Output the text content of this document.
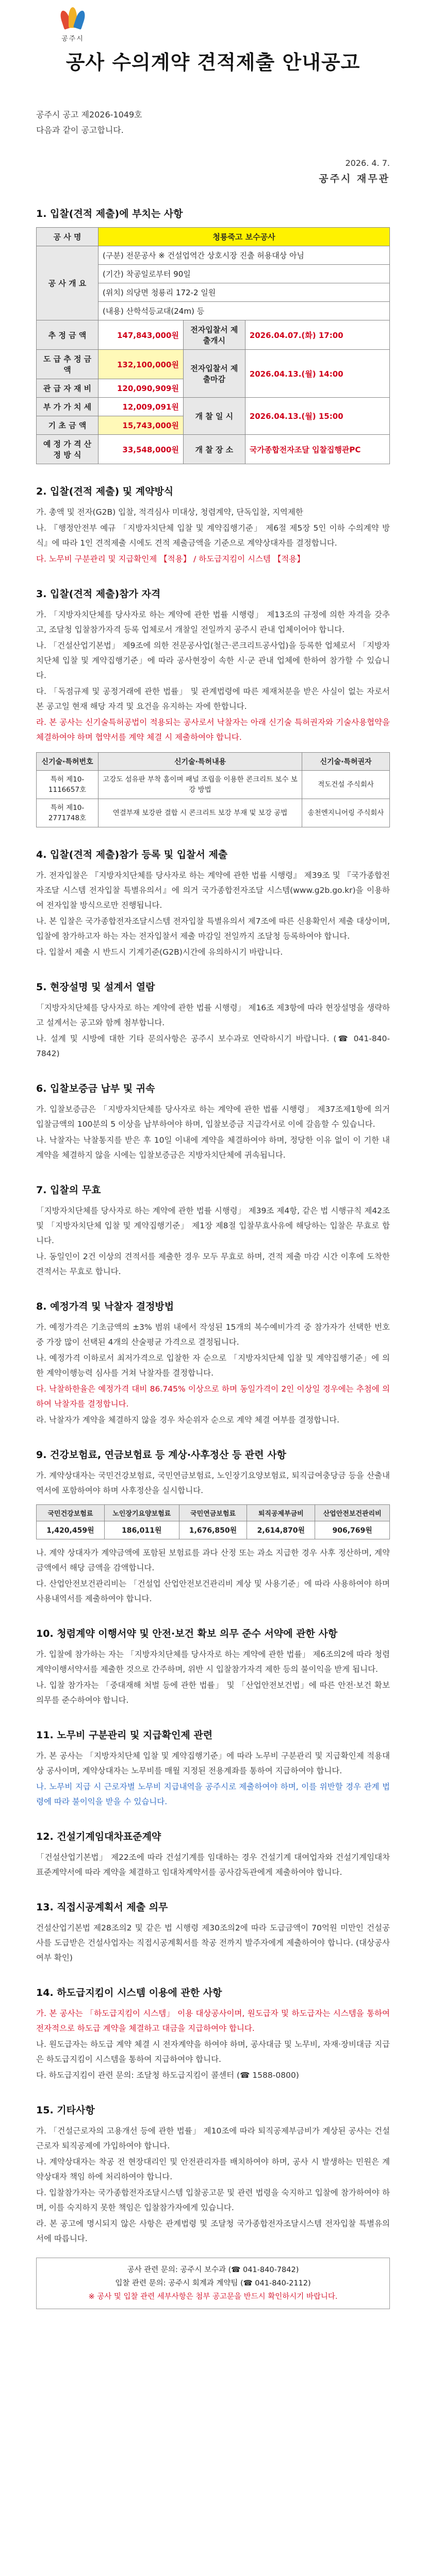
공주시
공사 수의계약 견적제출 안내공고
공주시 공고 제2026-1049호
다음과 같이 공고합니다.
2026. 4. 7.
공주시 재무관
1. 입찰(견적 제출)에 부치는 사항
공 사 명	청룡죽고 보수공사		
공 사 개 요	(구분) 전문공사 ※ 건설업역간 상호시장 진출 허용대상 아님		
	(기간) 착공일로부터 90일		
	(위치) 의당면 청룡리 172-2 일원		
	(내용) 산학석등교대(24m) 등		
추 정 금 액	147,843,000원	전자입찰서 제출개시	2026.04.07.(화) 17:00
도 급 추 정 금 액	132,100,000원	전자입찰서 제출마감	2026.04.13.(월) 14:00
관 급 자 재 비	120,090,909원		
부 가 가 치 세	12,009,091원	개 찰 일 시	2026.04.13.(월) 15:00
기 초 금 액	15,743,000원		
예 정 가 격 산 정 방 식	33,548,000원	개 찰 장 소	국가종합전자조달 입찰집행관PC
2. 입찰(견적 제출) 및 계약방식

가. 총액 및 전자(G2B) 입찰, 적격심사 미대상, 청렴계약, 단독입찰, 지역제한

나. 『행정안전부 예규 「지방자치단체 입찰 및 계약집행기준」 제6절 제5장 5인 이하 수의계약 방식』에 따라 1인 견적제출 시에도 견적 제출금액을 기준으로 계약상대자를 결정합니다.

다. 노무비 구분관리 및 지급확인제 【적용】 / 하도급지킴이 시스템 【적용】

3. 입찰(견적 제출)참가 자격

가. 「지방자치단체를 당사자로 하는 계약에 관한 법률 시행령」 제13조의 규정에 의한 자격을 갖추고, 조달청 입찰참가자격 등록 업체로서 개찰일 전일까지 공주시 관내 업체이어야 합니다.

나. 「건설산업기본법」 제9조에 의한 전문공사업(철근·콘크리트공사업)을 등록한 업체로서 「지방자치단체 입찰 및 계약집행기준」에 따라 공사현장이 속한 시·군 관내 업체에 한하여 참가할 수 있습니다.

다. 「독점규제 및 공정거래에 관한 법률」 및 관계법령에 따른 제재처분을 받은 사실이 없는 자로서 본 공고일 현재 해당 자격 및 요건을 유지하는 자에 한합니다.

라. 본 공사는 신기술특허공법이 적용되는 공사로서 낙찰자는 아래 신기술 특허권자와 기술사용협약을 체결하여야 하며 협약서를 계약 체결 시 제출하여야 합니다.

신기술·특허번호	신기술·특허내용	신기술·특허권자
특허 제10-1116657호	고강도 섬유판 부착 홈이며 패널 조립을 이용한 콘크리트 보수 보강 방법	적도건설 주식회사
특허 제10-2771748호	연결부재 보강판 결합 시 콘크리트 보강 부재 및 보강 공법	송천엔지니어링 주식회사
4. 입찰(견적 제출)참가 등록 및 입찰서 제출

가. 전자입찰은 『지방자치단체를 당사자로 하는 계약에 관한 법률 시행령』 제39조 및 『국가종합전자조달 시스템 전자입찰 특별유의서』에 의거 국가종합전자조달 시스템(www.g2b.go.kr)을 이용하여 전자입찰 방식으로만 진행됩니다.

나. 본 입찰은 국가종합전자조달시스템 전자입찰 특별유의서 제7조에 따른 신용확인서 제출 대상이며, 입찰에 참가하고자 하는 자는 전자입찰서 제출 마감일 전일까지 조달청 등록하여야 합니다.

다. 입찰서 제출 시 반드시 기계기준(G2B)시간에 유의하시기 바랍니다.

5. 현장설명 및 설계서 열람

「지방자치단체를 당사자로 하는 계약에 관한 법률 시행령」 제16조 제3항에 따라 현장설명을 생략하고 설계서는 공고와 함께 첨부합니다.

나. 설계 및 시방에 대한 기타 문의사항은 공주시 보수과로 연락하시기 바랍니다. (☎ 041-840-7842)

6. 입찰보증금 납부 및 귀속

가. 입찰보증금은 「지방자치단체를 당사자로 하는 계약에 관한 법률 시행령」 제37조제1항에 의거 입찰금액의 100분의 5 이상을 납부하여야 하며, 입찰보증금 지급각서로 이에 갈음할 수 있습니다.

나. 낙찰자는 낙찰통지를 받은 후 10일 이내에 계약을 체결하여야 하며, 정당한 이유 없이 이 기한 내 계약을 체결하지 않을 시에는 입찰보증금은 지방자치단체에 귀속됩니다.

7. 입찰의 무효

「지방자치단체를 당사자로 하는 계약에 관한 법률 시행령」 제39조 제4항, 같은 법 시행규칙 제42조 및 「지방자치단체 입찰 및 계약집행기준」 제1장 제8절 입찰무효사유에 해당하는 입찰은 무효로 합니다.

나. 동일인이 2건 이상의 견적서를 제출한 경우 모두 무효로 하며, 견적 제출 마감 시간 이후에 도착한 견적서는 무효로 합니다.

8. 예정가격 및 낙찰자 결정방법

가. 예정가격은 기초금액의 ±3% 범위 내에서 작성된 15개의 복수예비가격 중 참가자가 선택한 번호 중 가장 많이 선택된 4개의 산술평균 가격으로 결정됩니다.

나. 예정가격 이하로서 최저가격으로 입찰한 자 순으로 「지방자치단체 입찰 및 계약집행기준」에 의한 계약이행능력 심사를 거쳐 낙찰자를 결정합니다.

다. 낙찰하한율은 예정가격 대비 86.745% 이상으로 하며 동일가격이 2인 이상일 경우에는 추첨에 의하여 낙찰자를 결정합니다.

라. 낙찰자가 계약을 체결하지 않을 경우 차순위자 순으로 계약 체결 여부를 결정합니다.

9. 건강보험료, 연금보험료 등 계상·사후정산 등 관련 사항

가. 계약상대자는 국민건강보험료, 국민연금보험료, 노인장기요양보험료, 퇴직급여충당금 등을 산출내역서에 포함하여야 하며 사후정산을 실시합니다.

국민건강보험료	노인장기요양보험료	국민연금보험료	퇴직공제부금비	산업안전보건관리비
1,420,459원	186,011원	1,676,850원	2,614,870원	906,769원

나. 계약 상대자가 계약금액에 포함된 보험료를 과다 산정 또는 과소 지급한 경우 사후 정산하며, 계약금액에서 해당 금액을 감액합니다.

다. 산업안전보건관리비는 「건설업 산업안전보건관리비 계상 및 사용기준」에 따라 사용하여야 하며 사용내역서를 제출하여야 합니다.

10. 청렴계약 이행서약 및 안전·보건 확보 의무 준수 서약에 관한 사항

가. 입찰에 참가하는 자는 「지방자치단체를 당사자로 하는 계약에 관한 법률」 제6조의2에 따라 청렴계약이행서약서를 제출한 것으로 간주하며, 위반 시 입찰참가자격 제한 등의 불이익을 받게 됩니다.

나. 입찰 참가자는 「중대재해 처벌 등에 관한 법률」 및 「산업안전보건법」에 따른 안전·보건 확보 의무를 준수하여야 합니다.

11. 노무비 구분관리 및 지급확인제 관련

가. 본 공사는 「지방자치단체 입찰 및 계약집행기준」에 따라 노무비 구분관리 및 지급확인제 적용대상 공사이며, 계약상대자는 노무비를 매월 지정된 전용계좌를 통하여 지급하여야 합니다.

나. 노무비 지급 시 근로자별 노무비 지급내역을 공주시로 제출하여야 하며, 이를 위반할 경우 관계 법령에 따라 불이익을 받을 수 있습니다.

12. 건설기계임대차표준계약

「건설산업기본법」 제22조에 따라 건설기계를 임대하는 경우 건설기계 대여업자와 건설기계임대차 표준계약서에 따라 계약을 체결하고 임대차계약서를 공사감독관에게 제출하여야 합니다.

13. 직접시공계획서 제출 의무

건설산업기본법 제28조의2 및 같은 법 시행령 제30조의2에 따라 도급금액이 70억원 미만인 건설공사를 도급받은 건설사업자는 직접시공계획서를 착공 전까지 발주자에게 제출하여야 합니다. (대상공사 여부 확인)

14. 하도급지킴이 시스템 이용에 관한 사항

가. 본 공사는 「하도급지킴이 시스템」 이용 대상공사이며, 원도급자 및 하도급자는 시스템을 통하여 전자적으로 하도급 계약을 체결하고 대금을 지급하여야 합니다.

나. 원도급자는 하도급 계약 체결 시 전자계약을 하여야 하며, 공사대금 및 노무비, 자재·장비대금 지급은 하도급지킴이 시스템을 통하여 지급하여야 합니다.

다. 하도급지킴이 관련 문의: 조달청 하도급지킴이 콜센터 (☎ 1588-0800)

15. 기타사항

가. 「건설근로자의 고용개선 등에 관한 법률」 제10조에 따라 퇴직공제부금비가 계상된 공사는 건설근로자 퇴직공제에 가입하여야 합니다.

나. 계약상대자는 착공 전 현장대리인 및 안전관리자를 배치하여야 하며, 공사 시 발생하는 민원은 계약상대자 책임 하에 처리하여야 합니다.

다. 입찰참가자는 국가종합전자조달시스템 입찰공고문 및 관련 법령을 숙지하고 입찰에 참가하여야 하며, 이를 숙지하지 못한 책임은 입찰참가자에게 있습니다.

라. 본 공고에 명시되지 않은 사항은 관계법령 및 조달청 국가종합전자조달시스템 전자입찰 특별유의서에 따릅니다.

공사 관련 문의: 공주시 보수과 (☎ 041-840-7842)
입찰 관련 문의: 공주시 회계과 계약팀 (☎ 041-840-2112)
※ 공사 및 입찰 관련 세부사항은 첨부 공고문을 반드시 확인하시기 바랍니다.
